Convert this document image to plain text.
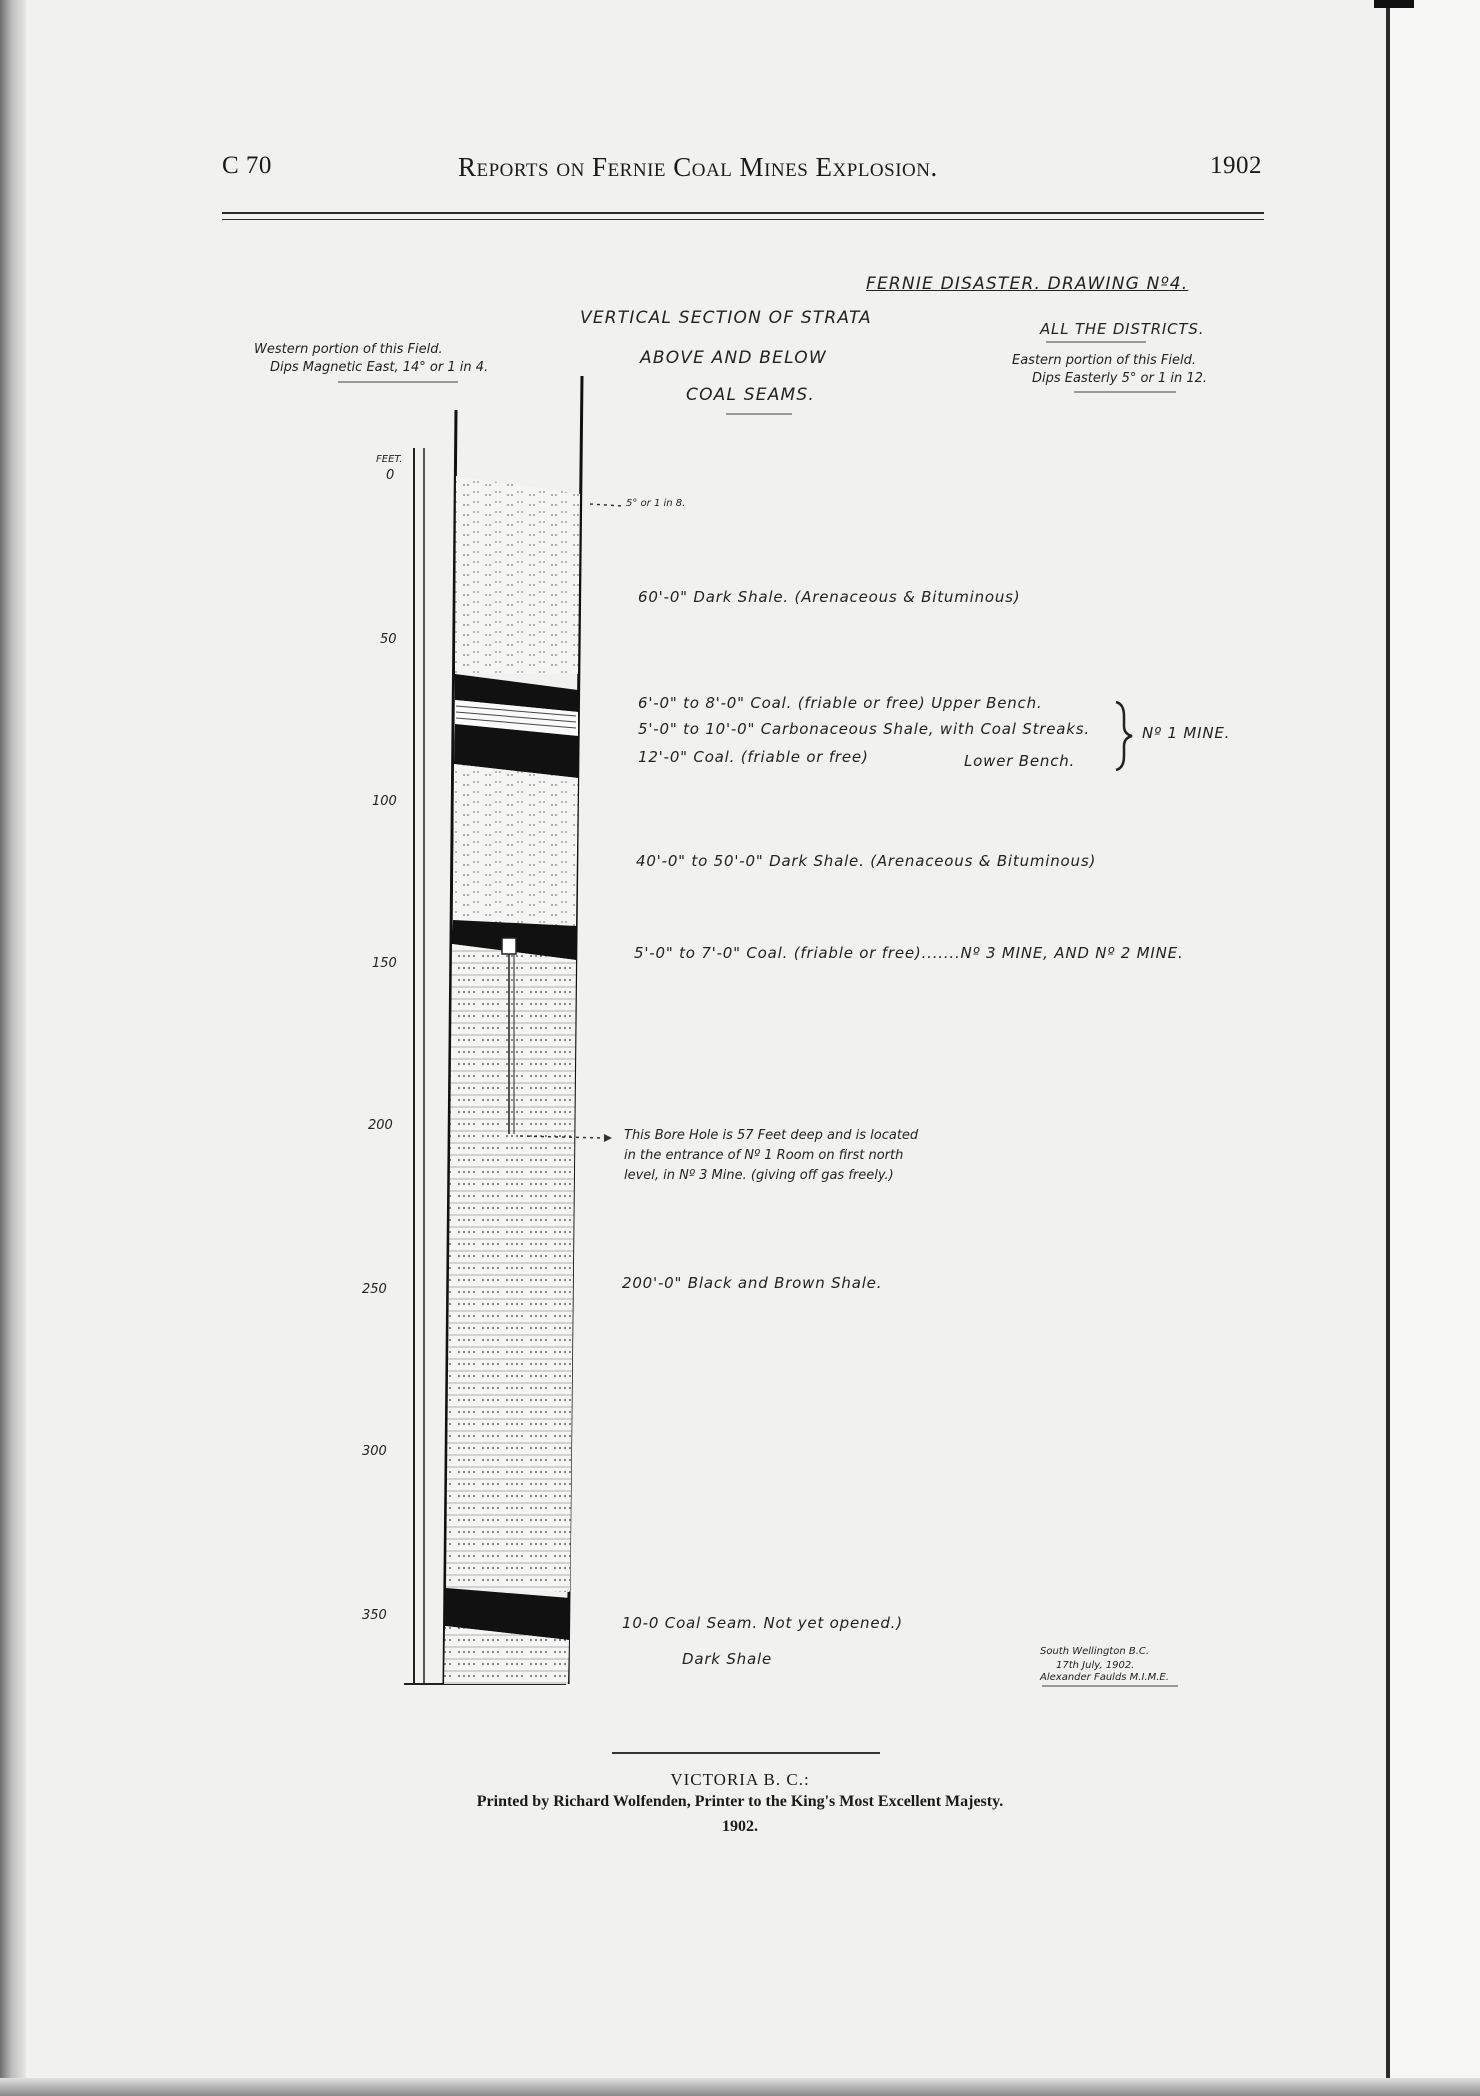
C 70	Reports on Fernie Coal Mines Explosion.	1902
FERNIE DISASTER. DRAWING Nº4.
VERTICAL SECTION OF STRATA
ABOVE AND BELOW
COAL SEAMS.
ALL THE DISTRICTS.
Eastern portion of this Field.
Dips Easterly 5° or 1 in 12.
Western portion of this Field.
Dips Magnetic East, 14° or 1 in 4.
FEET.
0
50
100
150
200
250
300
350
5° or 1 in 8.
60'-0" Dark Shale. (Arenaceous & Bituminous)
6'-0" to 8'-0" Coal. (friable or free) Upper Bench.
5'-0" to 10'-0" Carbonaceous Shale, with Coal Streaks.
12'-0" Coal. (friable or free)	Lower Bench.
Nº 1 MINE.
40'-0" to 50'-0" Dark Shale. (Arenaceous & Bituminous)
5'-0" to 7'-0" Coal. (friable or free).......Nº 3 MINE, AND Nº 2 MINE.
This Bore Hole is 57 Feet deep and is located
in the entrance of Nº 1 Room on first north
level, in Nº 3 Mine. (giving off gas freely.)
200'-0" Black and Brown Shale.
10-0 Coal Seam. Not yet opened.)
Dark Shale	South Wellington B.C.
17th July, 1902.
Alexander Faulds M.I.M.E.
VICTORIA B. C.:
Printed by Richard Wolfenden, Printer to the King's Most Excellent Majesty.
1902.
